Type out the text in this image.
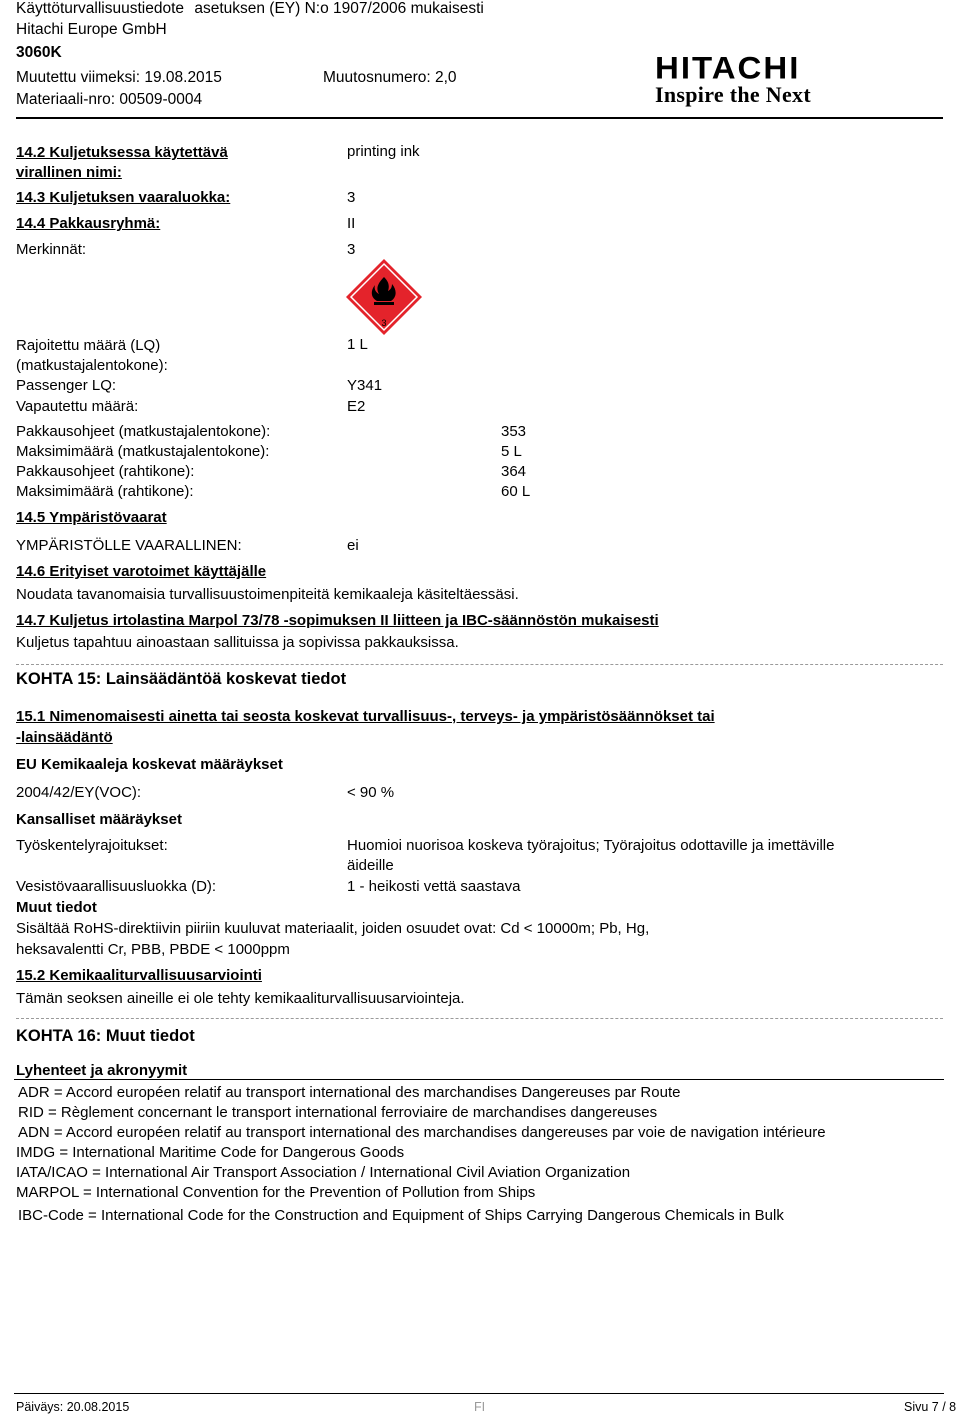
Käyttöturvallisuustiedote asetuksen (EY) N:o 1907/2006 mukaisesti
Hitachi Europe GmbH
3060K
Muutettu viimeksi: 19.08.2015	Muutosnumero: 2,0
Materiaali-nro: 00509-0004
HITACHI
Inspire the Next
14.2 Kuljetuksessa käytettävä virallinen nimi:
printing ink
14.3 Kuljetuksen vaaraluokka:	3
14.4 Pakkausryhmä:	II
Merkinnät:	3
3
Rajoitettu määrä (LQ) (matkustajalentokone):
1 L
Passenger LQ:	Y341
Vapautettu määrä:	E2
Pakkausohjeet (matkustajalentokone):	353
Maksimimäärä (matkustajalentokone):	5 L
Pakkausohjeet (rahtikone):	364
Maksimimäärä (rahtikone):	60 L
14.5 Ympäristövaarat
YMPÄRISTÖLLE VAARALLINEN:	ei
14.6 Erityiset varotoimet käyttäjälle
Noudata tavanomaisia turvallisuustoimenpiteitä kemikaaleja käsiteltäessäsi.
14.7 Kuljetus irtolastina Marpol 73/78 -sopimuksen II liitteen ja IBC-säännöstön mukaisesti
Kuljetus tapahtuu ainoastaan sallituissa ja sopivissa pakkauksissa.
KOHTA 15: Lainsäädäntöä koskevat tiedot
15.1 Nimenomaisesti ainetta tai seosta koskevat turvallisuus-, terveys- ja ympäristösäännökset tai
-lainsäädäntö
EU Kemikaaleja koskevat määräykset
2004/42/EY(VOC):	< 90 %
Kansalliset määräykset
Työskentelyrajoitukset:	Huomioi nuorisoa koskeva työrajoitus; Työrajoitus odottaville ja imettäville
äideille
Vesistövaarallisuusluokka (D):	1 - heikosti vettä saastava
Muut tiedot
Sisältää RoHS-direktiivin piiriin kuuluvat materiaalit, joiden osuudet ovat: Cd < 10000m; Pb, Hg,
heksavalentti Cr, PBB, PBDE < 1000ppm
15.2 Kemikaaliturvallisuusarviointi
Tämän seoksen aineille ei ole tehty kemikaaliturvallisuusarviointeja.
KOHTA 16: Muut tiedot
Lyhenteet ja akronyymit
ADR = Accord européen relatif au transport international des marchandises Dangereuses par Route
RID = Règlement concernant le transport international ferroviaire de marchandises dangereuses
ADN = Accord européen relatif au transport international des marchandises dangereuses par voie de navigation intérieure
IMDG = International Maritime Code for Dangerous Goods
IATA/ICAO = International Air Transport Association / International Civil Aviation Organization
MARPOL = International Convention for the Prevention of Pollution from Ships
IBC-Code = International Code for the Construction and Equipment of Ships Carrying Dangerous Chemicals in Bulk
Päiväys: 20.08.2015	FI	Sivu 7 / 8
